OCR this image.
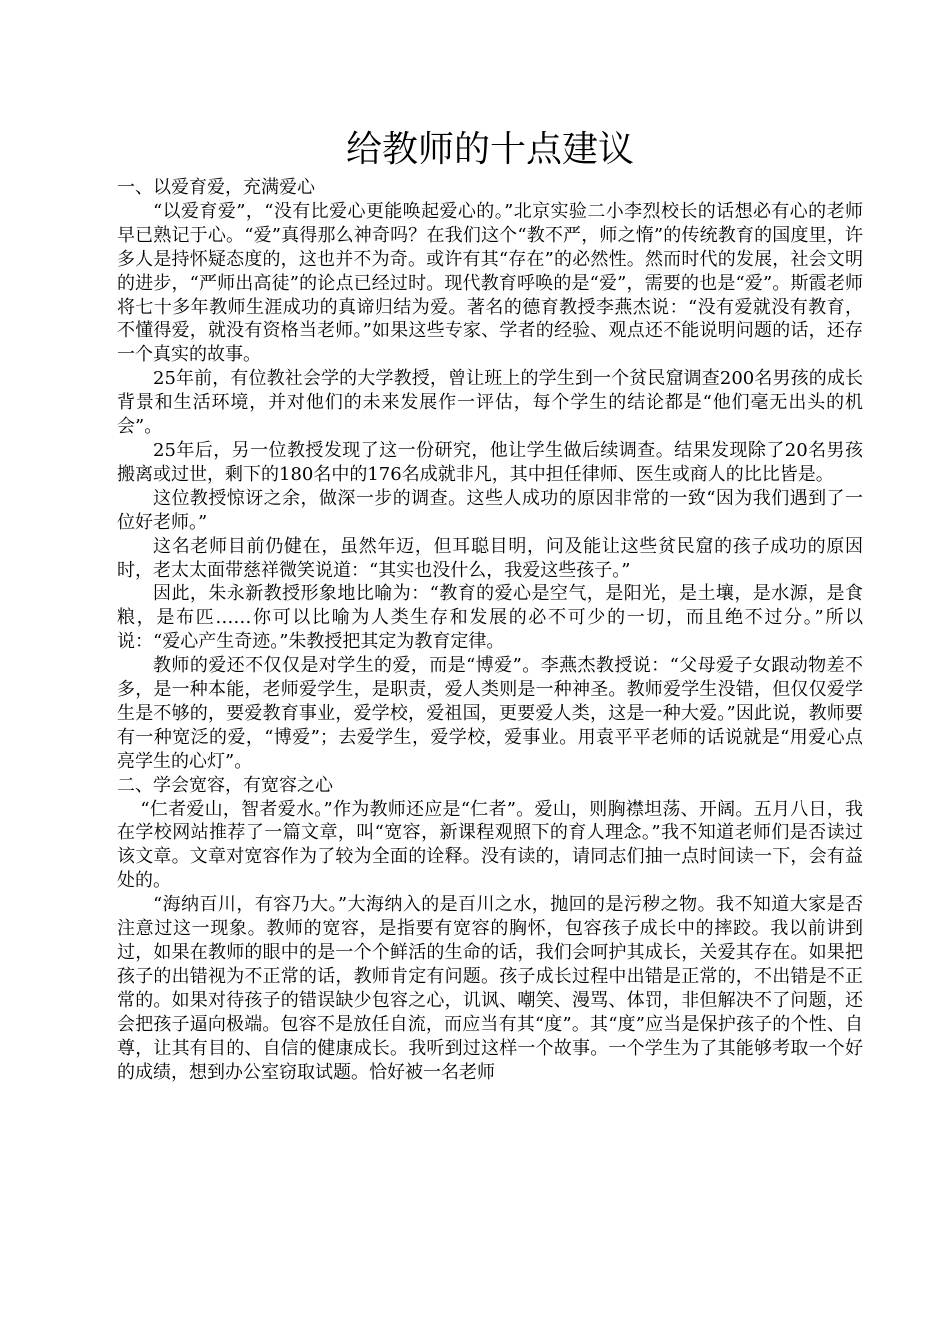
给教师的十点建议
一、以爱育爱，充满爱心

“以爱育爱”，“没有比爱心更能唤起爱心的。”北京实验二小李烈校长的话想必有心的老师早已熟记于心。“爱”真得那么神奇吗？在我们这个“教不严，师之惰”的传统教育的国度里，许多人是持怀疑态度的，这也并不为奇。或许有其“存在”的必然性。然而时代的发展，社会文明的进步，“严师出高徒”的论点已经过时。现代教育呼唤的是“爱”，需要的也是“爱”。斯霞老师将七十多年教师生涯成功的真谛归结为爱。著名的德育教授李燕杰说：“没有爱就没有教育，不懂得爱，就没有资格当老师。”如果这些专家、学者的经验、观点还不能说明问题的话，还存一个真实的故事。

25年前，有位教社会学的大学教授，曾让班上的学生到一个贫民窟调查200名男孩的成长背景和生活环境，并对他们的未来发展作一评估，每个学生的结论都是“他们毫无出头的机会”。

25年后，另一位教授发现了这一份研究，他让学生做后续调查。结果发现除了20名男孩搬离或过世，剩下的180名中的176名成就非凡，其中担任律师、医生或商人的比比皆是。

这位教授惊讶之余，做深一步的调查。这些人成功的原因非常的一致“因为我们遇到了一位好老师。”

这名老师目前仍健在，虽然年迈，但耳聪目明，问及能让这些贫民窟的孩子成功的原因时，老太太面带慈祥微笑说道：“其实也没什么，我爱这些孩子。”

因此，朱永新教授形象地比喻为：“教育的爱心是空气，是阳光，是土壤，是水源，是食粮，是布匹……你可以比喻为人类生存和发展的必不可少的一切，而且绝不过分。”所以说：“爱心产生奇迹。”朱教授把其定为教育定律。

教师的爱还不仅仅是对学生的爱，而是“博爱”。李燕杰教授说：“父母爱子女跟动物差不多，是一种本能，老师爱学生，是职责，爱人类则是一种神圣。教师爱学生没错，但仅仅爱学生是不够的，要爱教育事业，爱学校，爱祖国，更要爱人类，这是一种大爱。”因此说，教师要有一种宽泛的爱，“博爱”；去爱学生，爱学校，爱事业。用袁平平老师的话说就是“用爱心点亮学生的心灯”。

二、学会宽容，有宽容之心

“仁者爱山，智者爱水。”作为教师还应是“仁者”。爱山，则胸襟坦荡、开阔。五月八日，我在学校网站推荐了一篇文章，叫“宽容，新课程观照下的育人理念。”我不知道老师们是否读过该文章。文章对宽容作为了较为全面的诠释。没有读的，请同志们抽一点时间读一下，会有益处的。

“海纳百川，有容乃大。”大海纳入的是百川之水，抛回的是污秽之物。我不知道大家是否注意过这一现象。教师的宽容，是指要有宽容的胸怀，包容孩子成长中的摔跤。我以前讲到过，如果在教师的眼中的是一个个鲜活的生命的话，我们会呵护其成长，关爱其存在。如果把孩子的出错视为不正常的话，教师肯定有问题。孩子成长过程中出错是正常的，不出错是不正常的。如果对待孩子的错误缺少包容之心，讥讽、嘲笑、漫骂、体罚，非但解决不了问题，还会把孩子逼向极端。包容不是放任自流，而应当有其“度”。其“度”应当是保护孩子的个性、自尊，让其有目的、自信的健康成长。我听到过这样一个故事。一个学生为了其能够考取一个好的成绩，想到办公室窃取试题。恰好被一名老师
